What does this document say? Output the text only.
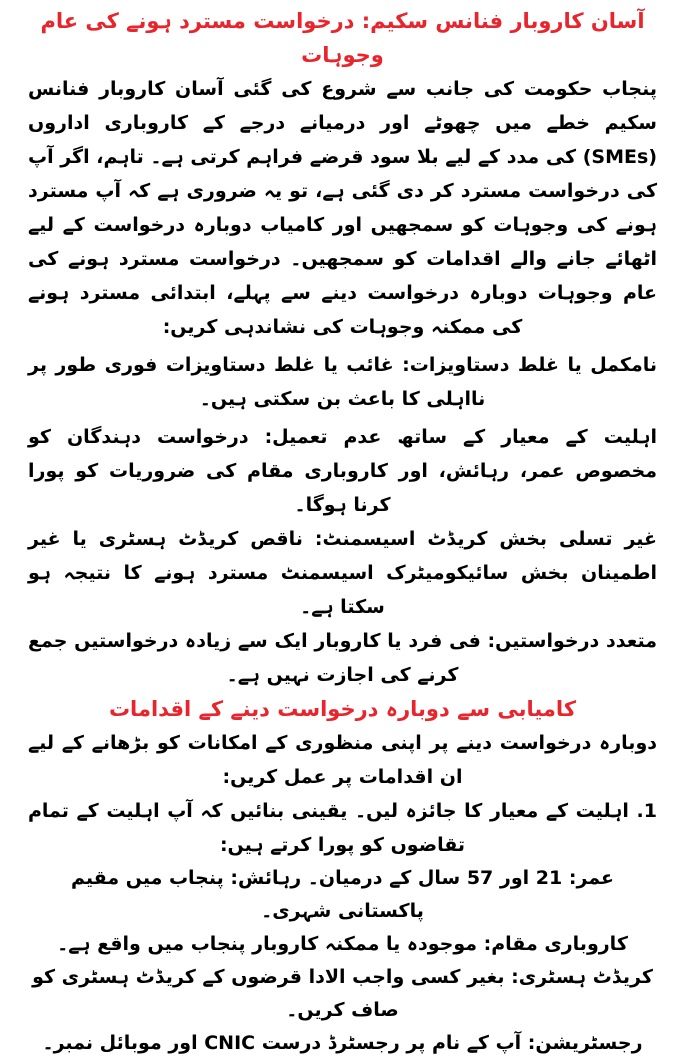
آسان کاروبار فنانس سکیم: درخواست مسترد ہونے کی عام وجوہات

پنجاب حکومت کی جانب سے شروع کی گئی آسان کاروبار فنانس سکیم خطے میں چھوٹے اور درمیانے درجے کے کاروباری اداروں (SMEs) کی مدد کے لیے بلا سود قرضے فراہم کرتی ہے۔ تاہم، اگر آپ کی درخواست مسترد کر دی گئی ہے، تو یہ ضروری ہے کہ آپ مسترد ہونے کی وجوہات کو سمجھیں اور کامیاب دوبارہ درخواست کے لیے اٹھائے جانے والے اقدامات کو سمجھیں۔ درخواست مسترد ہونے کی عام وجوہات دوبارہ درخواست دینے سے پہلے، ابتدائی مسترد ہونے کی ممکنہ وجوہات کی نشاندہی کریں:

نامکمل یا غلط دستاویزات: غائب یا غلط دستاویزات فوری طور پر نااہلی کا باعث بن سکتی ہیں۔

اہلیت کے معیار کے ساتھ عدم تعمیل: درخواست دہندگان کو مخصوص عمر، رہائش، اور کاروباری مقام کی ضروریات کو پورا کرنا ہوگا۔

غیر تسلی بخش کریڈٹ اسیسمنٹ: ناقص کریڈٹ ہسٹری یا غیر اطمینان بخش سائیکومیٹرک اسیسمنٹ مسترد ہونے کا نتیجہ ہو سکتا ہے۔

متعدد درخواستیں: فی فرد یا کاروبار ایک سے زیادہ درخواستیں جمع کرنے کی اجازت نہیں ہے۔

کامیابی سے دوبارہ درخواست دینے کے اقدامات

دوبارہ درخواست دینے پر اپنی منظوری کے امکانات کو بڑھانے کے لیے ان اقدامات پر عمل کریں:

1. اہلیت کے معیار کا جائزہ لیں۔ یقینی بنائیں کہ آپ اہلیت کے تمام تقاضوں کو پورا کرتے ہیں:

عمر: 21 اور 57 سال کے درمیان۔ رہائش: پنجاب میں مقیم پاکستانی شہری۔

کاروباری مقام: موجودہ یا ممکنہ کاروبار پنجاب میں واقع ہے۔

کریڈٹ ہسٹری: بغیر کسی واجب الادا قرضوں کے کریڈٹ ہسٹری کو صاف کریں۔

رجسٹریشن: آپ کے نام پر رجسٹرڈ درست CNIC اور موبائل نمبر۔
